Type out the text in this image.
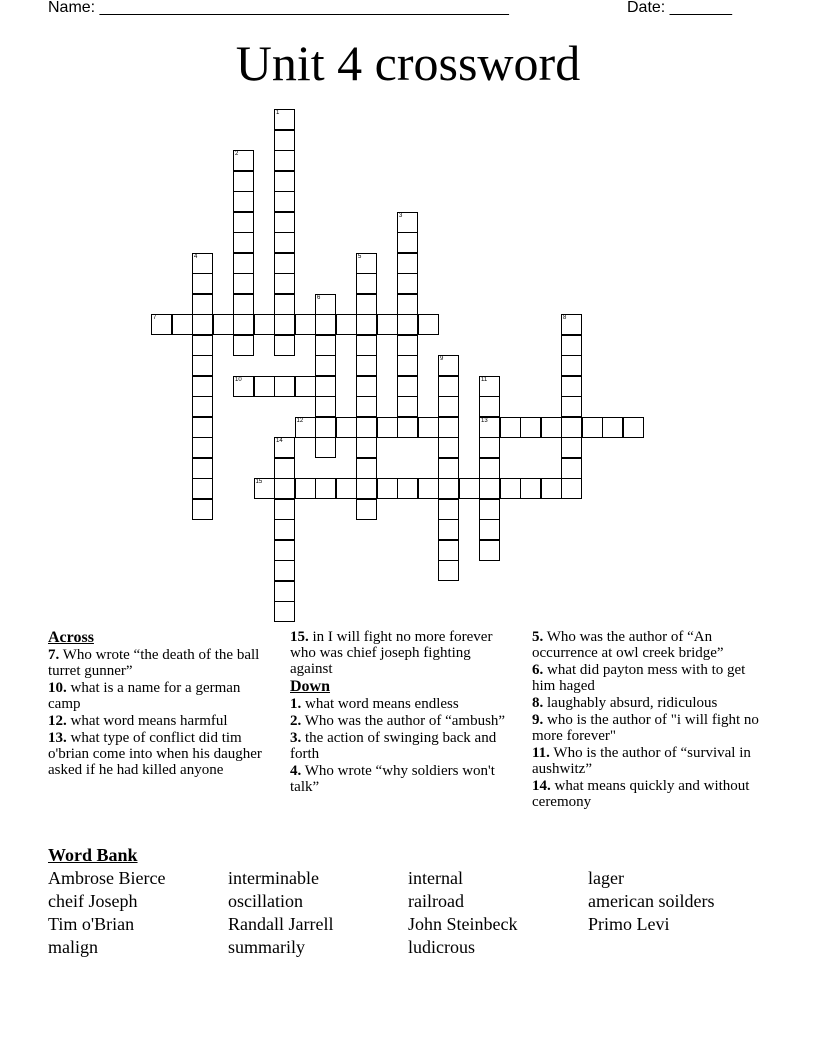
Name: ______________________________________________	Date: _______
Unit 4 crossword
1
2
3
4	5
6
7	8
9
10	11
13
12
14
15
Across
7. Who wrote “the death of the ball turret gunner”
10. what is a name for a german camp
12. what word means harmful
13. what type of conflict did tim o'brian come into when his daugher asked if he had killed anyone
15. in I will fight no more forever who was chief joseph fighting against
Down
1. what word means endless
2. Who was the author of “ambush”
3. the action of swinging back and forth
4. Who wrote “why soldiers won't talk”
5. Who was the author of “An occurrence at owl creek bridge”
6. what did payton mess with to get him haged
8. laughably absurd, ridiculous
9. who is the author of "i will fight no more forever"
11. Who is the author of “survival in aushwitz”
14. what means quickly and without ceremony
Word Bank
Ambrose Bierce	interminable	internal	lager
cheif Joseph	oscillation	railroad	american soilders
Tim o'Brian	Randall Jarrell	John Steinbeck	Primo Levi
malign	summarily	ludicrous
